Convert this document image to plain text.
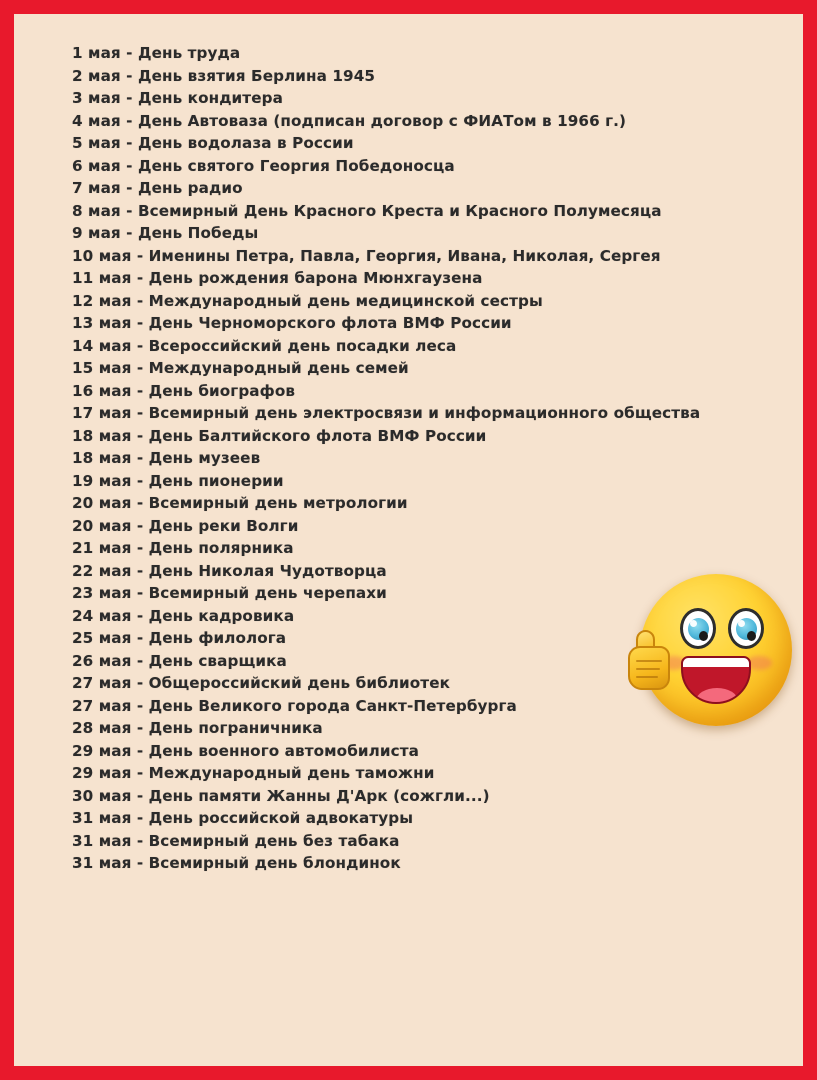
1 мая - День труда
2 мая - День взятия Берлина 1945
3 мая - День кондитера
4 мая - День Автоваза (подписан договор с ФИАТом в 1966 г.)
5 мая - День водолаза в России
6 мая - День святого Георгия Победоносца
7 мая - День радио
8 мая - Всемирный День Красного Креста и Красного Полумесяца
9 мая - День Победы
10 мая - Именины Петра, Павла, Георгия, Ивана, Николая, Сергея
11 мая - День рождения барона Мюнхгаузена
12 мая - Международный день медицинской сестры
13 мая - День Черноморского флота ВМФ России
14 мая - Всероссийский день посадки леса
15 мая - Международный день семей
16 мая - День биографов
17 мая - Всемирный день электросвязи и информационного общества
18 мая - День Балтийского флота ВМФ России
18 мая - День музеев
19 мая - День пионерии
20 мая - Всемирный день метрологии
20 мая - День реки Волги
21 мая - День полярника
22 мая - День Николая Чудотворца
23 мая - Всемирный день черепахи
24 мая - День кадровика
25 мая - День филолога
26 мая - День сварщика
27 мая - Общероссийский день библиотек
27 мая - День Великого города Санкт-Петербурга
28 мая - День пограничника
29 мая - День военного автомобилиста
29 мая - Международный день таможни
30 мая - День памяти Жанны Д'Арк (сожгли...)
31 мая - День российской адвокатуры
31 мая - Всемирный день без табака
31 мая - Всемирный день блондинок
